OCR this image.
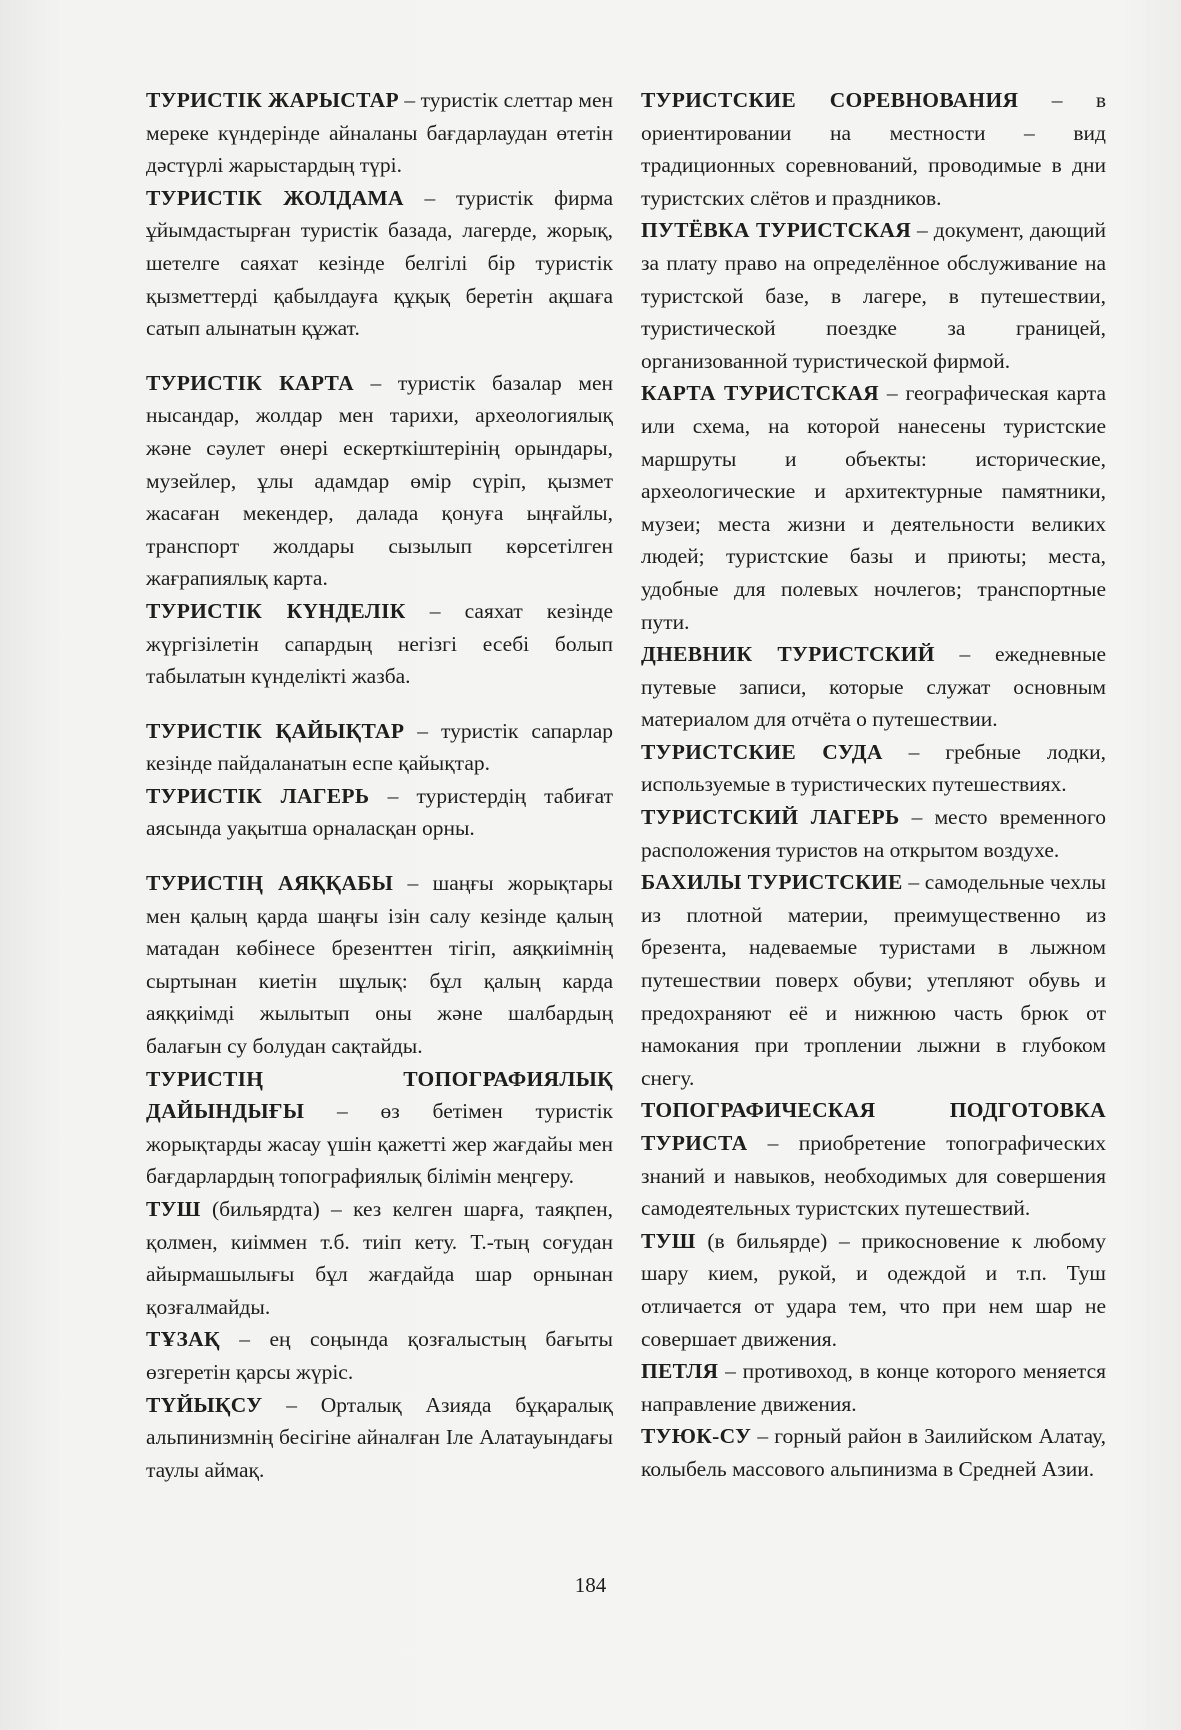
ТУРИСТІК ЖАРЫСТАР – туристік слеттар мен мереке күндерінде айналаны бағдарлаудан өтетін дәстүрлі жарыстардың түрі.

ТУРИСТІК ЖОЛДАМА – туристік фирма ұйымдастырған туристік базада, лагерде, жорық, шетелге саяхат кезінде белгілі бір туристік қызметтерді қабылдауға құқық беретін ақшаға сатып алынатын құжат.

ТУРИСТІК КАРТА – туристік базалар мен нысандар, жолдар мен тарихи, археологиялық және сәулет өнері ескерткіштерінің орындары, музейлер, ұлы адамдар өмір сүріп, қызмет жасаған мекендер, далада қонуға ыңғайлы, транспорт жолдары сызылып көрсетілген жағрапиялық карта.

ТУРИСТІК КҮНДЕЛІК – саяхат кезінде жүргізілетін сапардың негізгі есебі болып табылатын күнделікті жазба.

ТУРИСТІК ҚАЙЫҚТАР – туристік сапарлар кезінде пайдаланатын еспе қайықтар.

ТУРИСТІК ЛАГЕРЬ – туристердің табиғат аясында уақытша орналасқан орны.

ТУРИСТІҢ АЯҚҚАБЫ – шаңғы жорықтары мен қалың қарда шаңғы ізін салу кезінде қалың матадан көбінесе брезенттен тігіп, аяқкиімнің сыртынан киетін шұлық: бұл қалың карда аяққиімді жылытып оны және шалбардың балағын су болудан сақтайды.

ТУРИСТІҢ ТОПОГРАФИЯЛЫҚ ДАЙЫНДЫҒЫ – өз бетімен туристік жорықтарды жасау үшін қажетті жер жағдайы мен бағдарлардың топографиялық білімін меңгеру.

ТУШ (бильярдта) – кез келген шарға, таяқпен, қолмен, киіммен т.б. тиіп кету. Т.-тың соғудан айырмашылығы бұл жағдайда шар орнынан қозғалмайды.

ТҰЗАҚ – ең соңында қозғалыстың бағыты өзгеретін қарсы жүріс.

ТҮЙЫҚСУ – Орталық Азияда бұқаралық альпинизмнің бесігіне айналған Іле Алатауындағы таулы аймақ.

ТУРИСТСКИЕ СОРЕВНОВАНИЯ – в ориентировании на местности – вид традиционных соревнований, проводимые в дни туристских слётов и праздников.

ПУТЁВКА ТУРИСТСКАЯ – документ, дающий за плату право на определённое обслуживание на туристской базе, в лагере, в путешествии, туристической поездке за границей, организованной туристической фирмой.

КАРТА ТУРИСТСКАЯ – географическая карта или схема, на которой нанесены туристские маршруты и объекты: исторические, археологические и архитектурные памятники, музеи; места жизни и деятельности великих людей; туристские базы и приюты; места, удобные для полевых ночлегов; транспортные пути.

ДНЕВНИК ТУРИСТСКИЙ – ежедневные путевые записи, которые служат основным материалом для отчёта о путешествии.

ТУРИСТСКИЕ СУДА – гребные лодки, используемые в туристических путешествиях.

ТУРИСТСКИЙ ЛАГЕРЬ – место временного расположения туристов на открытом воздухе.

БАХИЛЫ ТУРИСТСКИЕ – самодельные чехлы из плотной материи, преимущественно из брезента, надеваемые туристами в лыжном путешествии поверх обуви; утепляют обувь и предохраняют её и нижнюю часть брюк от намокания при троплении лыжни в глубоком снегу.

ТОПОГРАФИЧЕСКАЯ ПОДГОТОВКА ТУРИСТА – приобретение топографических знаний и навыков, необходимых для совершения самодеятельных туристских путешествий.

ТУШ (в бильярде) – прикосновение к любому шару кием, рукой, и одеждой и т.п. Туш отличается от удара тем, что при нем шар не совершает движения.

ПЕТЛЯ – противоход, в конце которого меняется направление движения.

ТУЮК-СУ – горный район в Заилийском Алатау, колыбель массового альпинизма в Средней Азии.

184
